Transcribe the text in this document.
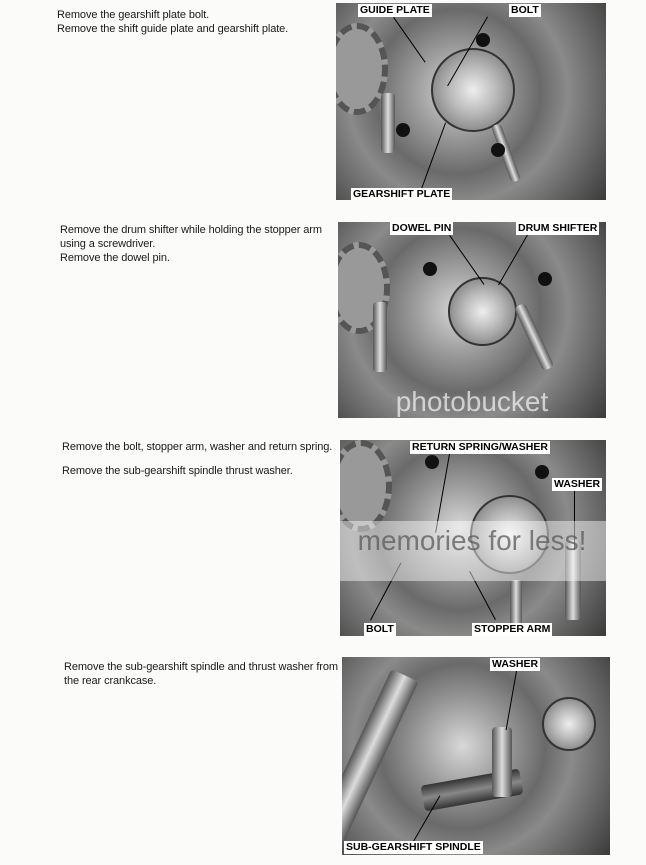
Remove the gearshift plate bolt.
Remove the shift guide plate and gearshift plate.
GUIDE PLATE	BOLT
GEARSHIFT PLATE
Remove the drum shifter while holding the stopper arm using a screwdriver.
Remove the dowel pin.
DOWEL PIN	DRUM SHIFTER
photobucket

Remove the bolt, stopper arm, washer and return spring.

Remove the sub-gearshift spindle thrust washer.

RETURN SPRING/WASHER
WASHER
BOLT	STOPPER ARM
memories for less!
Remove the sub-gearshift spindle and thrust washer from the rear crankcase.
WASHER
SUB-GEARSHIFT SPINDLE
